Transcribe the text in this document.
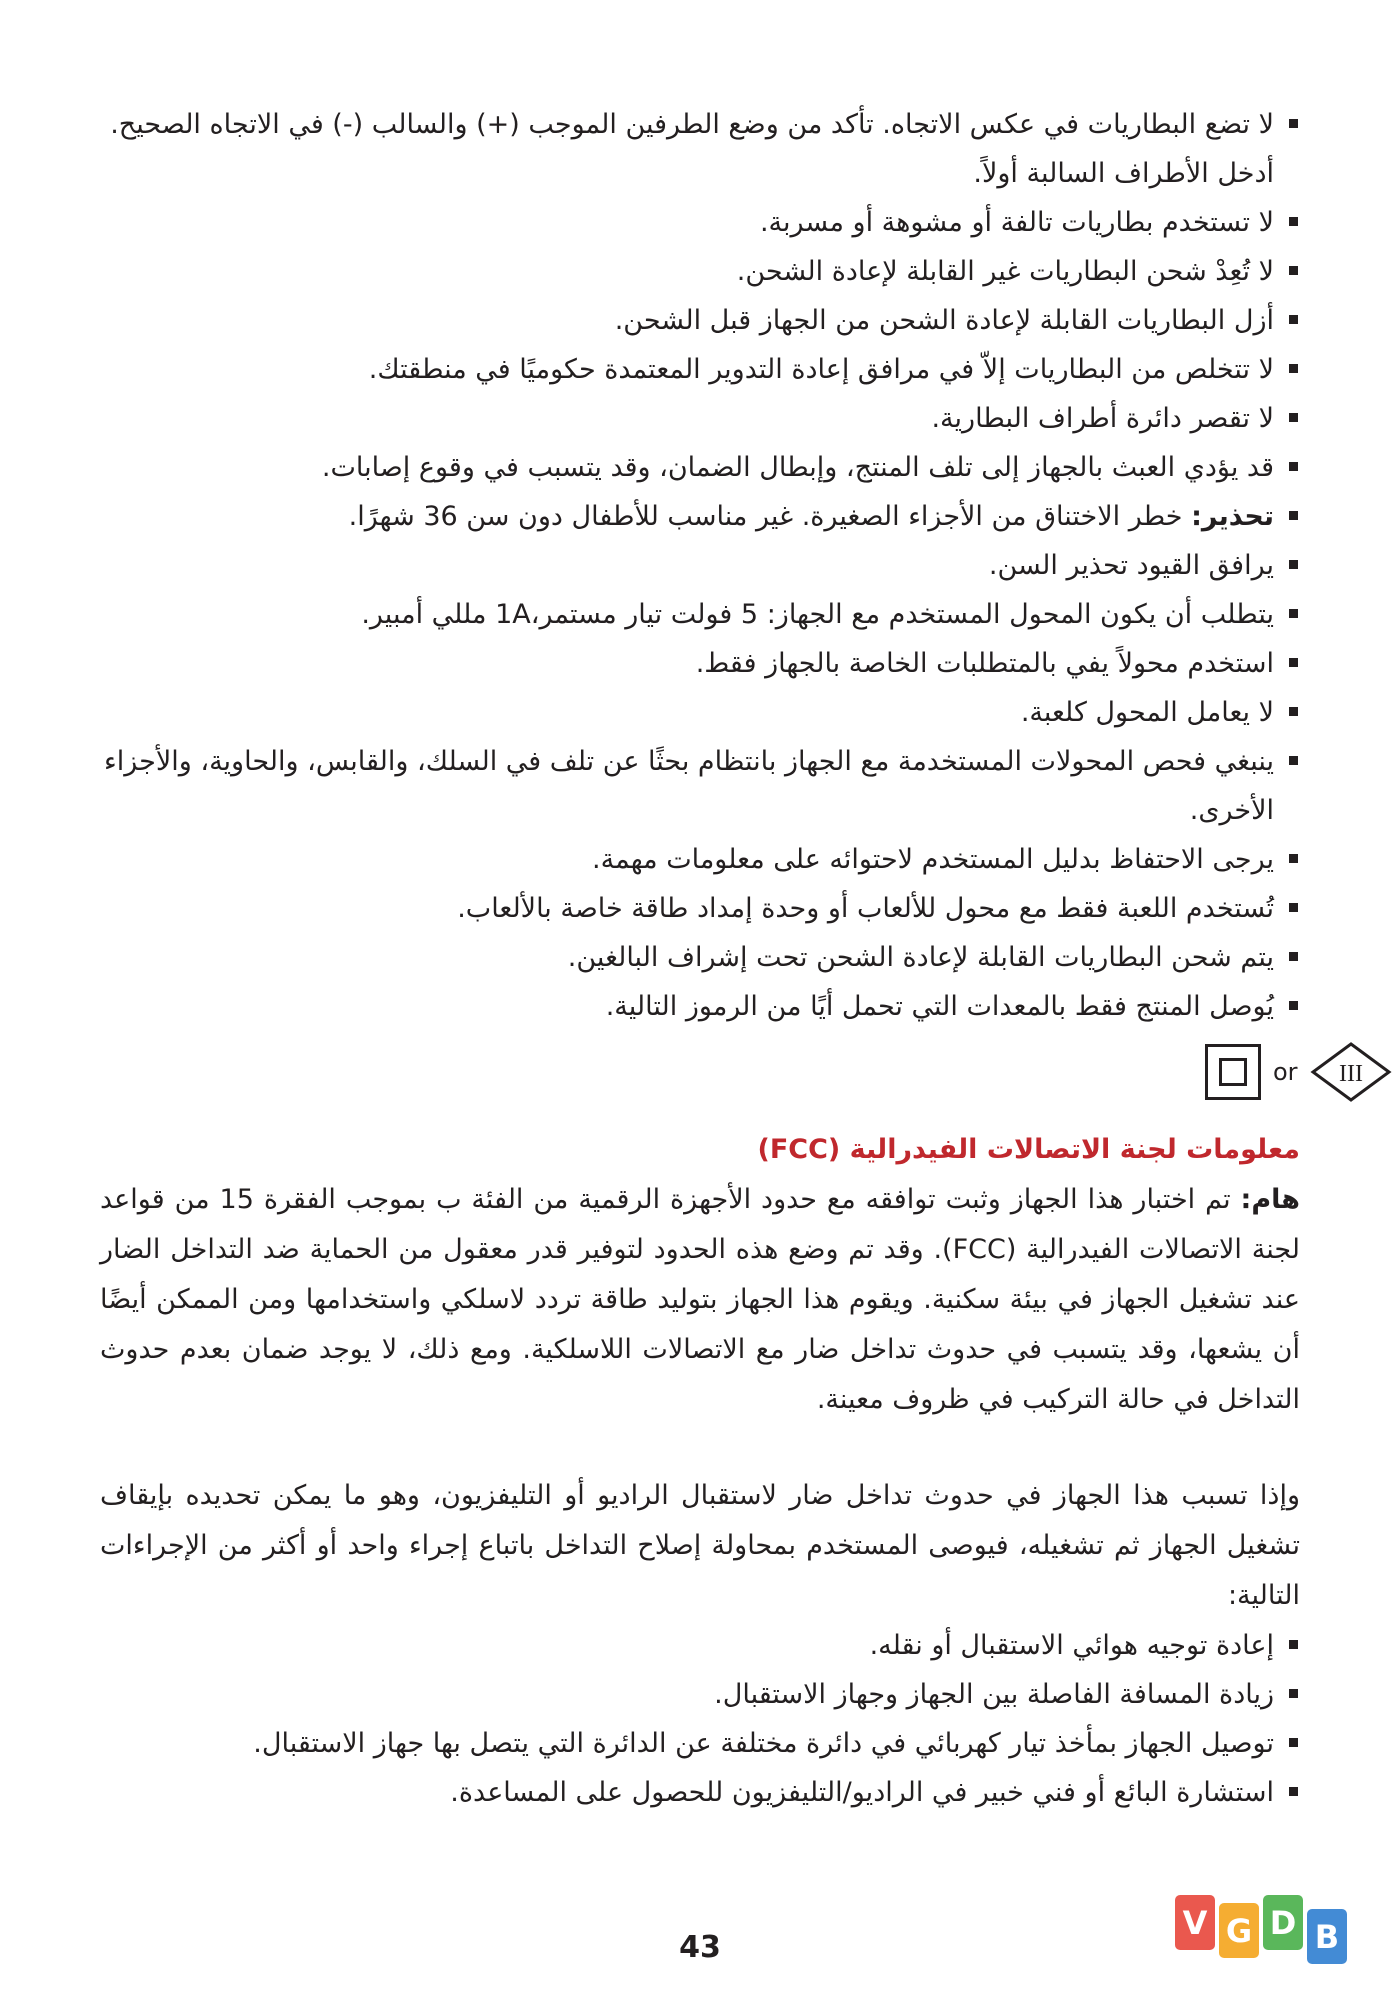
لا تضع البطاريات في عكس الاتجاه. تأكد من وضع الطرفين الموجب (+) والسالب (-) في الاتجاه الصحيح. أدخل الأطراف السالبة أولاً.
لا تستخدم بطاريات تالفة أو مشوهة أو مسربة.
لا تُعِدْ شحن البطاريات غير القابلة لإعادة الشحن.
أزل البطاريات القابلة لإعادة الشحن من الجهاز قبل الشحن.
لا تتخلص من البطاريات إلاّ في مرافق إعادة التدوير المعتمدة حكوميًا في منطقتك.
لا تقصر دائرة أطراف البطارية.
قد يؤدي العبث بالجهاز إلى تلف المنتج، وإبطال الضمان، وقد يتسبب في وقوع إصابات.
تحذير: خطر الاختناق من الأجزاء الصغيرة. غير مناسب للأطفال دون سن 36 شهرًا.
يرافق القيود تحذير السن.
يتطلب أن يكون المحول المستخدم مع الجهاز: 5 فولت تيار مستمر،1A مللي أمبير.
استخدم محولاً يفي بالمتطلبات الخاصة بالجهاز فقط.
لا يعامل المحول كلعبة.
ينبغي فحص المحولات المستخدمة مع الجهاز بانتظام بحثًا عن تلف في السلك، والقابس، والحاوية، والأجزاء الأخرى.
يرجى الاحتفاظ بدليل المستخدم لاحتوائه على معلومات مهمة.
تُستخدم اللعبة فقط مع محول للألعاب أو وحدة إمداد طاقة خاصة بالألعاب.
يتم شحن البطاريات القابلة لإعادة الشحن تحت إشراف البالغين.
يُوصل المنتج فقط بالمعدات التي تحمل أيًا من الرموز التالية.
or III
معلومات لجنة الاتصالات الفيدرالية (FCC)

هام: تم اختبار هذا الجهاز وثبت توافقه مع حدود الأجهزة الرقمية من الفئة ب بموجب الفقرة 15 من قواعد لجنة الاتصالات الفيدرالية (FCC). وقد تم وضع هذه الحدود لتوفير قدر معقول من الحماية ضد التداخل الضار عند تشغيل الجهاز في بيئة سكنية. ويقوم هذا الجهاز بتوليد طاقة تردد لاسلكي واستخدامها ومن الممكن أيضًا أن يشعها، وقد يتسبب في حدوث تداخل ضار مع الاتصالات اللاسلكية. ومع ذلك، لا يوجد ضمان بعدم حدوث التداخل في حالة التركيب في ظروف معينة.

وإذا تسبب هذا الجهاز في حدوث تداخل ضار لاستقبال الراديو أو التليفزيون، وهو ما يمكن تحديده بإيقاف تشغيل الجهاز ثم تشغيله، فيوصى المستخدم بمحاولة إصلاح التداخل باتباع إجراء واحد أو أكثر من الإجراءات التالية:

إعادة توجيه هوائي الاستقبال أو نقله.
زيادة المسافة الفاصلة بين الجهاز وجهاز الاستقبال.
توصيل الجهاز بمأخذ تيار كهربائي في دائرة مختلفة عن الدائرة التي يتصل بها جهاز الاستقبال.
استشارة البائع أو فني خبير في الراديو/التليفزيون للحصول على المساعدة.
43
V G D B
